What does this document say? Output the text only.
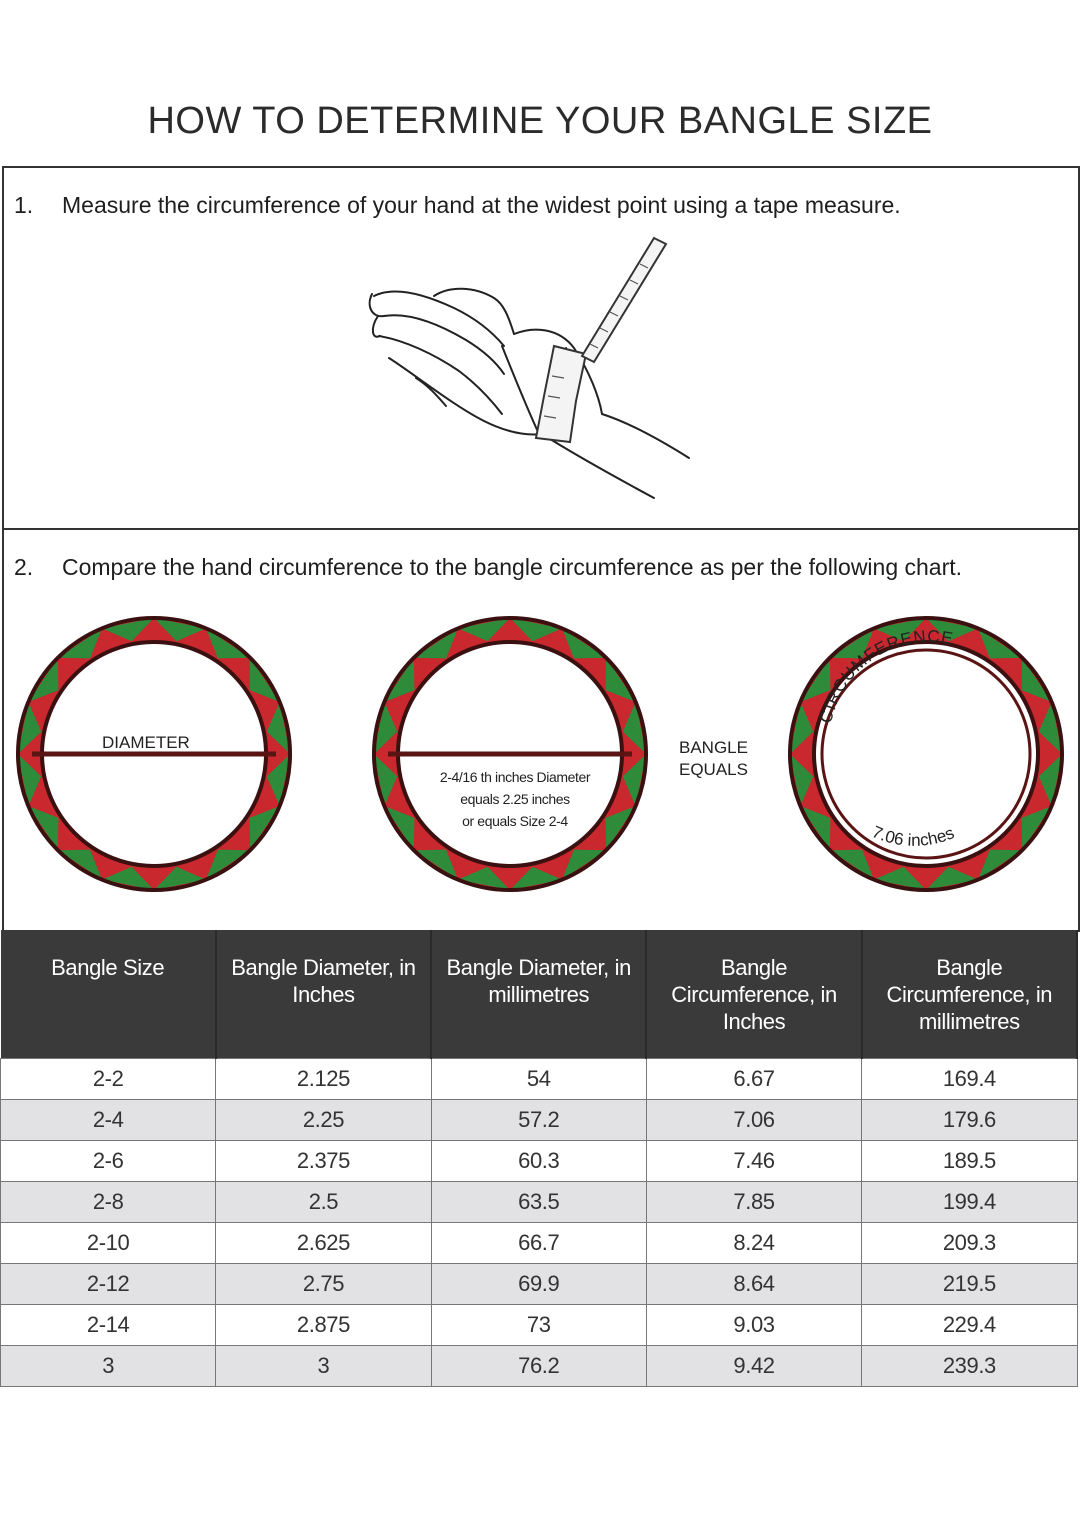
HOW TO DETERMINE YOUR BANGLE SIZE
1. Measure the circumference of your hand at the widest point using a tape measure.
2. Compare the hand circumference to the bangle circumference as per the following chart.
DIAMETER
2-4/16 th inches Diameter
equals 2.25 inches
or equals Size 2-4
BANGLE
EQUALS
CIRCUMFERENCE
7.06 inches
Bangle Size	Bangle Diameter, in Inches	Bangle Diameter, in millimetres	Bangle Circumference, in Inches	Bangle Circumference, in millimetres
2-2	2.125	54	6.67	169.4
2-4	2.25	57.2	7.06	179.6
2-6	2.375	60.3	7.46	189.5
2-8	2.5	63.5	7.85	199.4
2-10	2.625	66.7	8.24	209.3
2-12	2.75	69.9	8.64	219.5
2-14	2.875	73	9.03	229.4
3	3	76.2	9.42	239.3
